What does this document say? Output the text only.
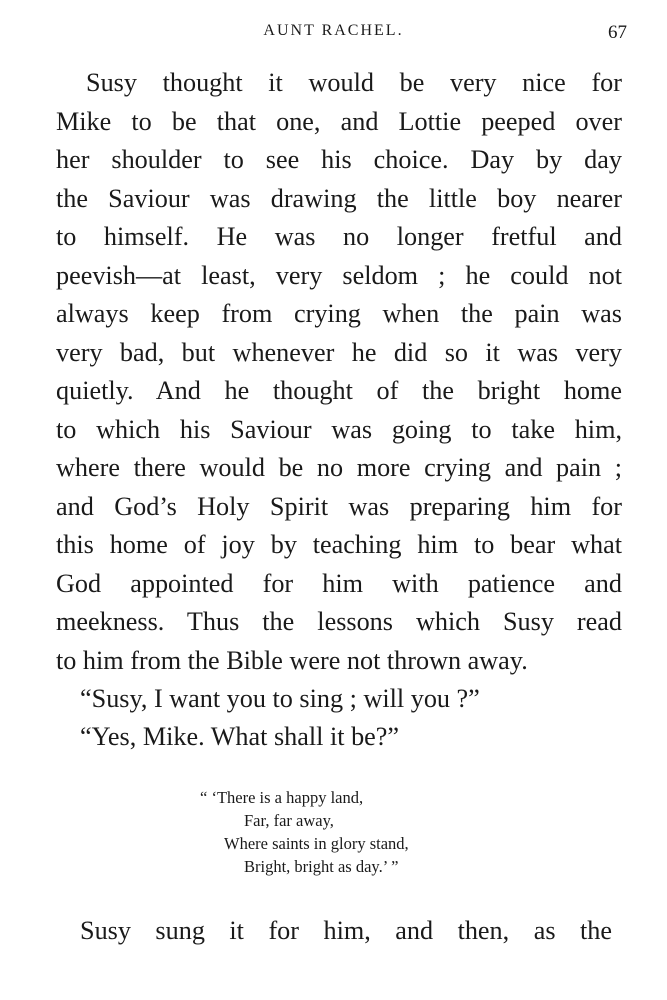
AUNT RACHEL.	67
Susy thought it would be very nice for
Mike to be that one, and Lottie peeped over
her shoulder to see his choice. Day by day
the Saviour was drawing the little boy nearer
to himself. He was no longer fretful and
peevish—at least, very seldom ; he could not
always keep from crying when the pain was
very bad, but whenever he did so it was very
quietly. And he thought of the bright home
to which his Saviour was going to take him,
where there would be no more crying and pain ;
and God’s Holy Spirit was preparing him for
this home of joy by teaching him to bear what
God appointed for him with patience and
meekness. Thus the lessons which Susy read
to him from the Bible were not thrown away.
“Susy, I want you to sing ; will you ?”
“Yes, Mike. What shall it be?”
“ ‘There is a happy land,
Far, far away,
Where saints in glory stand,
Bright, bright as day.’ ”
Susy sung it for him, and then, as the
